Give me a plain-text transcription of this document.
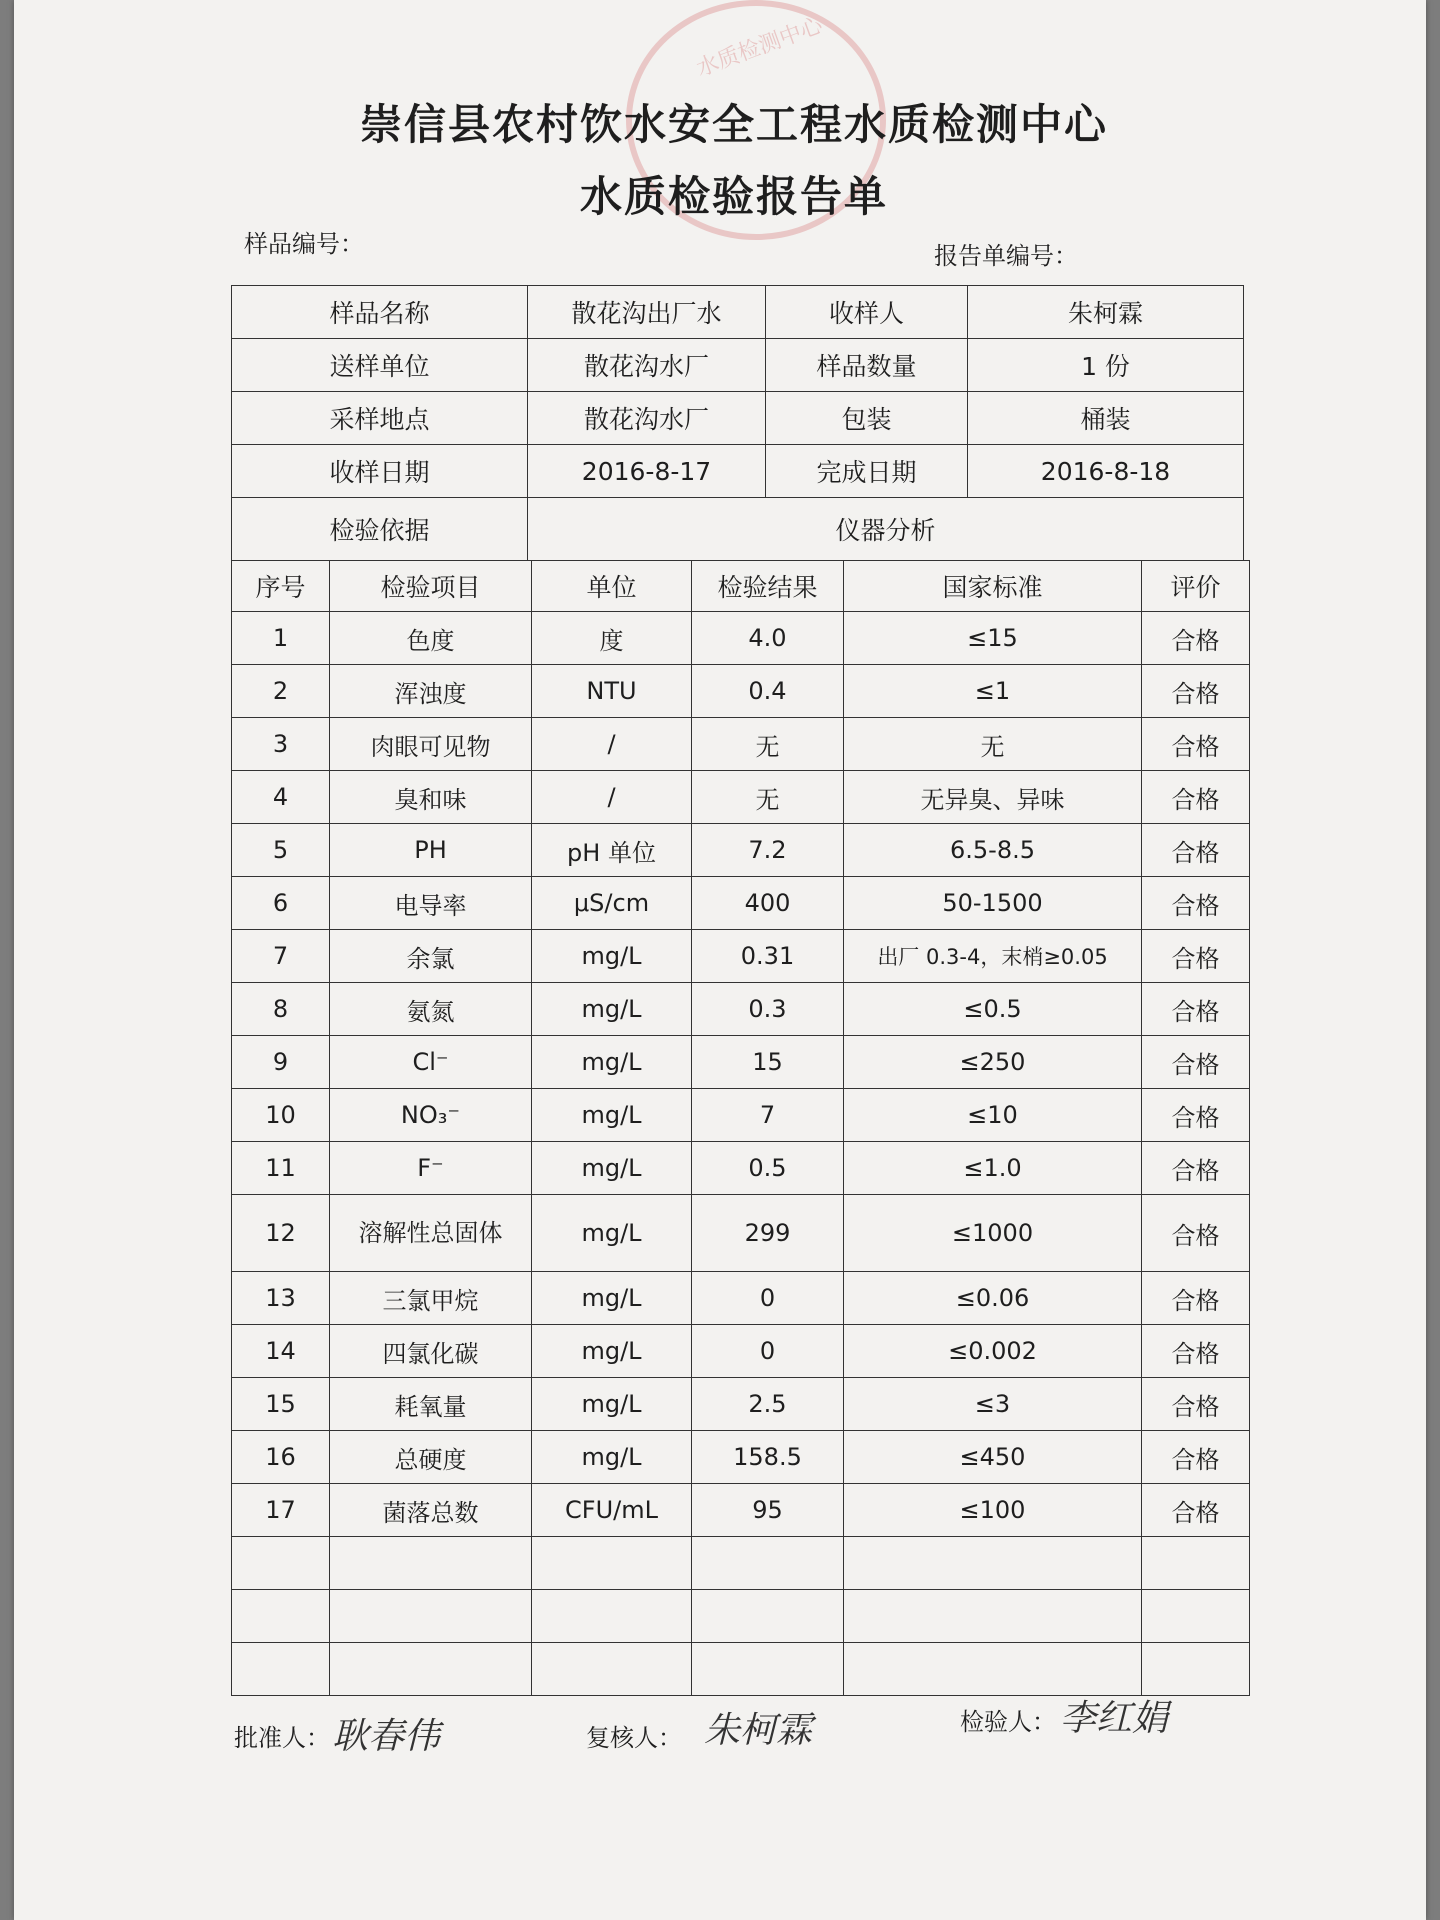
水质检测中心
崇信县农村饮水安全工程水质检测中心
水质检验报告单
样品编号：	报告单编号：
样品名称	散花沟出厂水	收样人	朱柯霖
送样单位	散花沟水厂	样品数量	1 份
采样地点	散花沟水厂	包装	桶装
收样日期	2016-8-17	完成日期	2016-8-18
检验依据	仪器分析		
序号	检验项目	单位	检验结果	国家标准	评价
1	色度	度	4.0	≤15	合格
2	浑浊度	NTU	0.4	≤1	合格
3	肉眼可见物	/	无	无	合格
4	臭和味	/	无	无异臭、异味	合格
5	PH	pH 单位	7.2	6.5-8.5	合格
6	电导率	μS/cm	400	50-1500	合格
7	余氯	mg/L	0.31	出厂 0.3-4，末梢≥0.05	合格
8	氨氮	mg/L	0.3	≤0.5	合格
9	Cl⁻	mg/L	15	≤250	合格
10	NO₃⁻	mg/L	7	≤10	合格
11	F⁻	mg/L	0.5	≤1.0	合格
12	溶解性总固体	mg/L	299	≤1000	合格
13	三氯甲烷	mg/L	0	≤0.06	合格
14	四氯化碳	mg/L	0	≤0.002	合格
15	耗氧量	mg/L	2.5	≤3	合格
16	总硬度	mg/L	158.5	≤450	合格
17	菌落总数	CFU/mL	95	≤100	合格

批准人： 耿春伟	复核人： 朱柯霖	检验人： 李红娟
